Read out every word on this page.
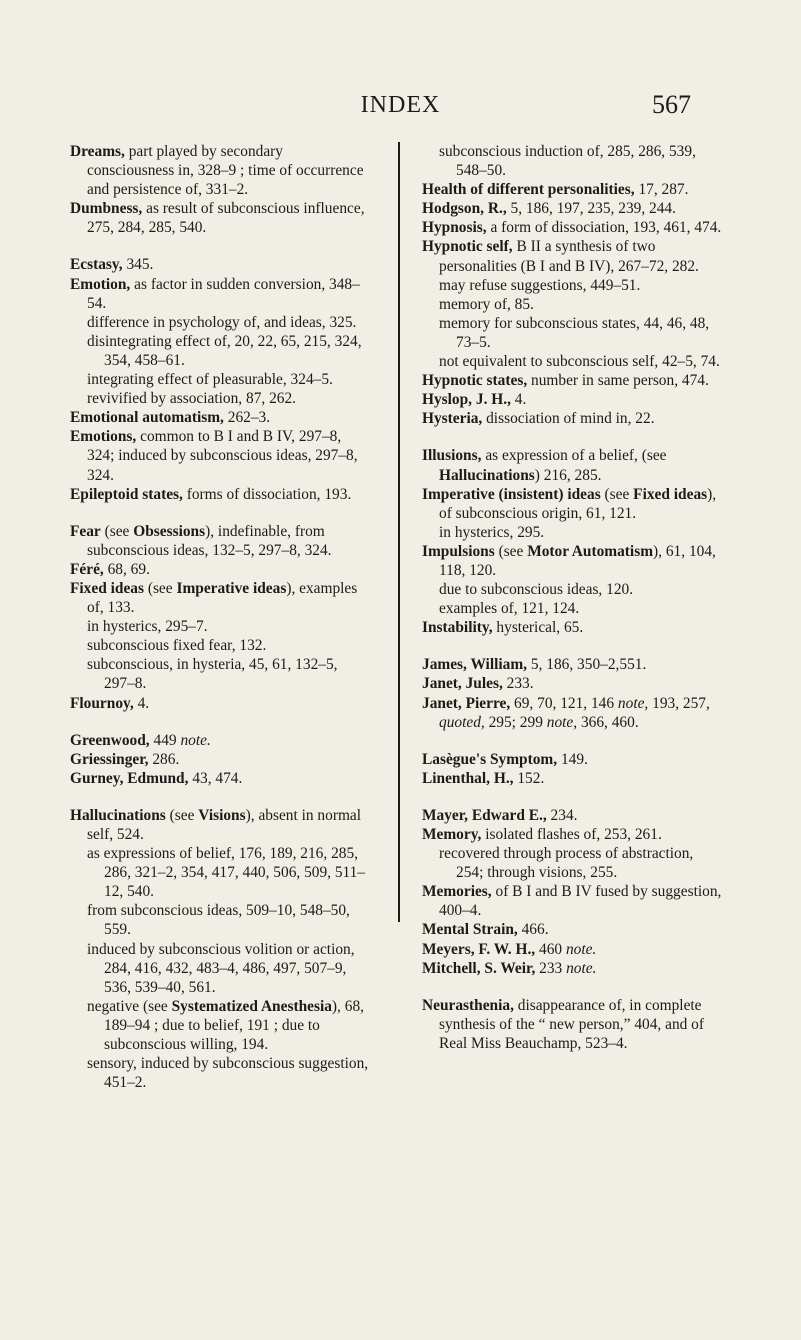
INDEX	567
Dreams, part played by secondary consciousness in, 328–9 ; time of occurrence and persistence of, 331–2.
Dumbness, as result of subconscious influence, 275, 284, 285, 540.
Ecstasy, 345.
Emotion, as factor in sudden conversion, 348–54.
difference in psychology of, and ideas, 325.
disintegrating effect of, 20, 22, 65, 215, 324, 354, 458–61.
integrating effect of pleasurable, 324–5.
revivified by association, 87, 262.
Emotional automatism, 262–3.
Emotions, common to B I and B IV, 297–8, 324; induced by subconscious ideas, 297–8, 324.
Epileptoid states, forms of dissociation, 193.
Fear (see Obsessions), indefinable, from subconscious ideas, 132–5, 297–8, 324.
Féré, 68, 69.
Fixed ideas (see Imperative ideas), examples of, 133.
in hysterics, 295–7.
subconscious fixed fear, 132.
subconscious, in hysteria, 45, 61, 132–5, 297–8.
Flournoy, 4.
Greenwood, 449 note.
Griessinger, 286.
Gurney, Edmund, 43, 474.
Hallucinations (see Visions), absent in normal self, 524.
as expressions of belief, 176, 189, 216, 285, 286, 321–2, 354, 417, 440, 506, 509, 511–12, 540.
from subconscious ideas, 509–10, 548–50, 559.
induced by subconscious volition or action, 284, 416, 432, 483–4, 486, 497, 507–9, 536, 539–40, 561.
negative (see Systematized Anesthesia), 68, 189–94 ; due to belief, 191 ; due to subconscious willing, 194.
sensory, induced by subconscious suggestion, 451–2.
subconscious induction of, 285, 286, 539, 548–50.
Health of different personalities, 17, 287.
Hodgson, R., 5, 186, 197, 235, 239, 244.
Hypnosis, a form of dissociation, 193, 461, 474.
Hypnotic self, B II a synthesis of two personalities (B I and B IV), 267–72, 282.
may refuse suggestions, 449–51.
memory of, 85.
memory for subconscious states, 44, 46, 48, 73–5.
not equivalent to subconscious self, 42–5, 74.
Hypnotic states, number in same person, 474.
Hyslop, J. H., 4.
Hysteria, dissociation of mind in, 22.
Illusions, as expression of a belief, (see Hallucinations) 216, 285.
Imperative (insistent) ideas (see Fixed ideas), of subconscious origin, 61, 121.
in hysterics, 295.
Impulsions (see Motor Automatism), 61, 104, 118, 120.
due to subconscious ideas, 120.
examples of, 121, 124.
Instability, hysterical, 65.
James, William, 5, 186, 350–2,551.
Janet, Jules, 233.
Janet, Pierre, 69, 70, 121, 146 note, 193, 257, quoted, 295; 299 note, 366, 460.
Lasègue's Symptom, 149.
Linenthal, H., 152.
Mayer, Edward E., 234.
Memory, isolated flashes of, 253, 261.
recovered through process of abstraction, 254; through visions, 255.
Memories, of B I and B IV fused by suggestion, 400–4.
Mental Strain, 466.
Meyers, F. W. H., 460 note.
Mitchell, S. Weir, 233 note.
Neurasthenia, disappearance of, in complete synthesis of the “ new person,” 404, and of Real Miss Beauchamp, 523–4.
